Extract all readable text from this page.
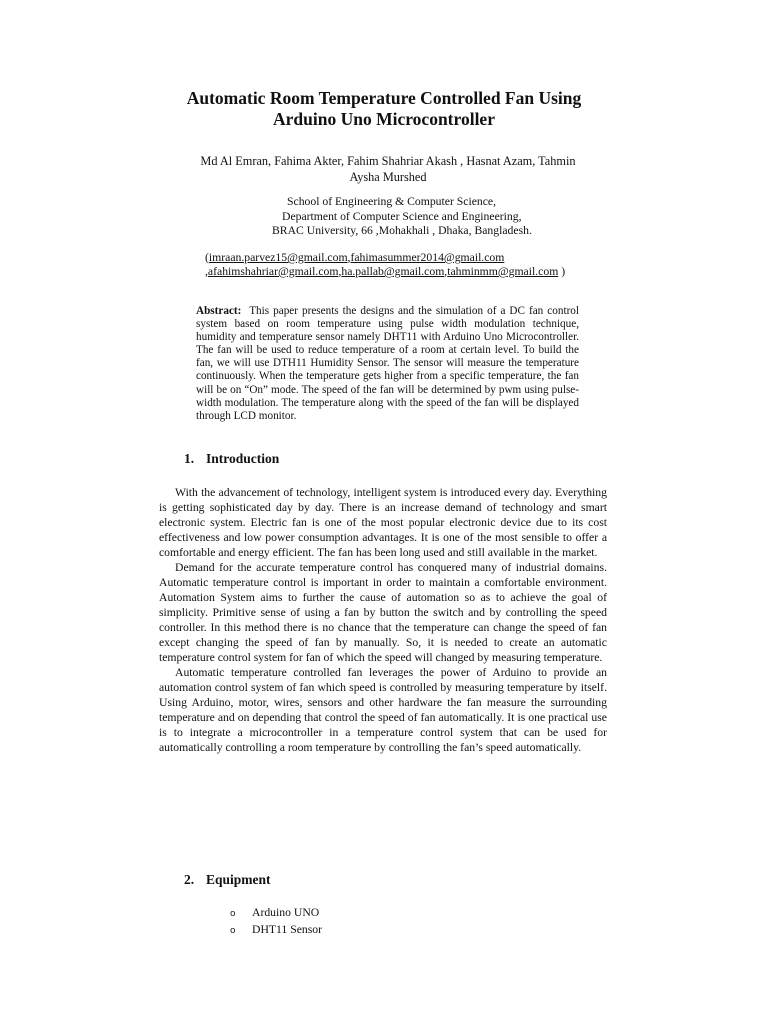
Automatic Room Temperature Controlled Fan Using
Arduino Uno Microcontroller
Md Al Emran, Fahima Akter, Fahim Shahriar Akash , Hasnat Azam, Tahmin
Aysha Murshed
School of Engineering & Computer Science,
Department of Computer Science and Engineering,
BRAC University, 66 ,Mohakhali , Dhaka, Bangladesh.
(imraan.parvez15@gmail.com,fahimasummer2014@gmail.com
,afahimshahriar@gmail.com,ha.pallab@gmail.com,tahminmm@gmail.com )

Abstract: This paper presents the designs and the simulation of a DC fan control system based on room temperature using pulse width modulation technique, humidity and temperature sensor namely DHT11 with Arduino Uno Microcontroller. The fan will be used to reduce temperature of a room at certain level. To build the fan, we will use DTH11 Humidity Sensor. The sensor will measure the temperature continuously. When the temperature gets higher from a specific temperature, the fan will be on “On” mode. The speed of the fan will be determined by pwm using pulse-width modulation. The temperature along with the speed of the fan will be displayed through LCD monitor.

1. Introduction

With the advancement of technology, intelligent system is introduced every day. Everything is getting sophisticated day by day. There is an increase demand of technology and smart electronic system. Electric fan is one of the most popular electronic device due to its cost effectiveness and low power consumption advantages. It is one of the most sensible to offer a comfortable and energy efficient. The fan has been long used and still available in the market.

Demand for the accurate temperature control has conquered many of industrial domains. Automatic temperature control is important in order to maintain a comfortable environment. Automation System aims to further the cause of automation so as to achieve the goal of simplicity. Primitive sense of using a fan by button the switch and by controlling the speed controller. In this method there is no chance that the temperature can change the speed of fan except changing the speed of fan by manually. So, it is needed to create an automatic temperature control system for fan of which the speed will changed by measuring temperature.

Automatic temperature controlled fan leverages the power of Arduino to provide an automation control system of fan which speed is controlled by measuring temperature by itself. Using Arduino, motor, wires, sensors and other hardware the fan measure the surrounding temperature and on depending that control the speed of fan automatically. It is one practical use is to integrate a microcontroller in a temperature control system that can be used for automatically controlling a room temperature by controlling the fan’s speed automatically.

2. Equipment
o Arduino UNO
o DHT11 Sensor
